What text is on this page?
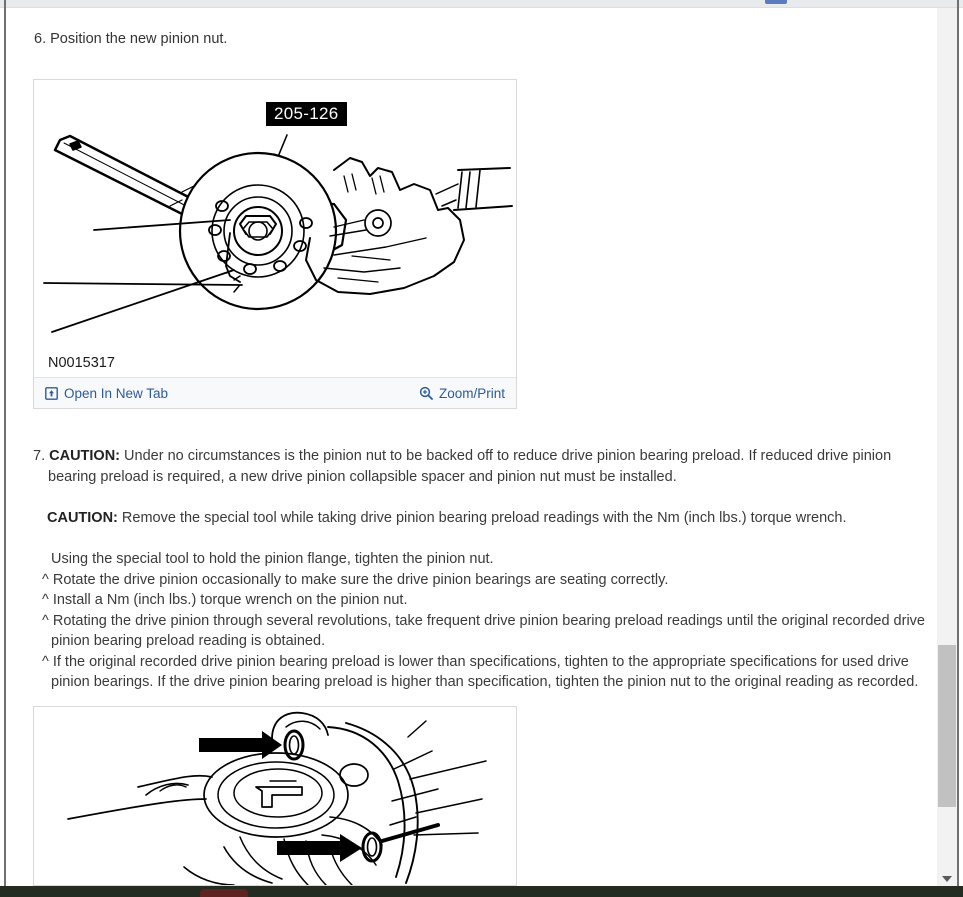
6. Position the new pinion nut.
205-126
N0015317
Open In New Tab	Zoom/Print

7. CAUTION: Under no circumstances is the pinion nut to be backed off to reduce drive pinion bearing preload. If reduced drive pinion bearing preload is required, a new drive pinion collapsible spacer and pinion nut must be installed.

CAUTION: Remove the special tool while taking drive pinion bearing preload readings with the Nm (inch lbs.) torque wrench.

Using the special tool to hold the pinion flange, tighten the pinion nut.

^ Rotate the drive pinion occasionally to make sure the drive pinion bearings are seating correctly.

^ Install a Nm (inch lbs.) torque wrench on the pinion nut.

^ Rotating the drive pinion through several revolutions, take frequent drive pinion bearing preload readings until the original recorded drive pinion bearing preload reading is obtained.

^ If the original recorded drive pinion bearing preload is lower than specifications, tighten to the appropriate specifications for used drive pinion bearings. If the drive pinion bearing preload is higher than specification, tighten the pinion nut to the original reading as recorded.
